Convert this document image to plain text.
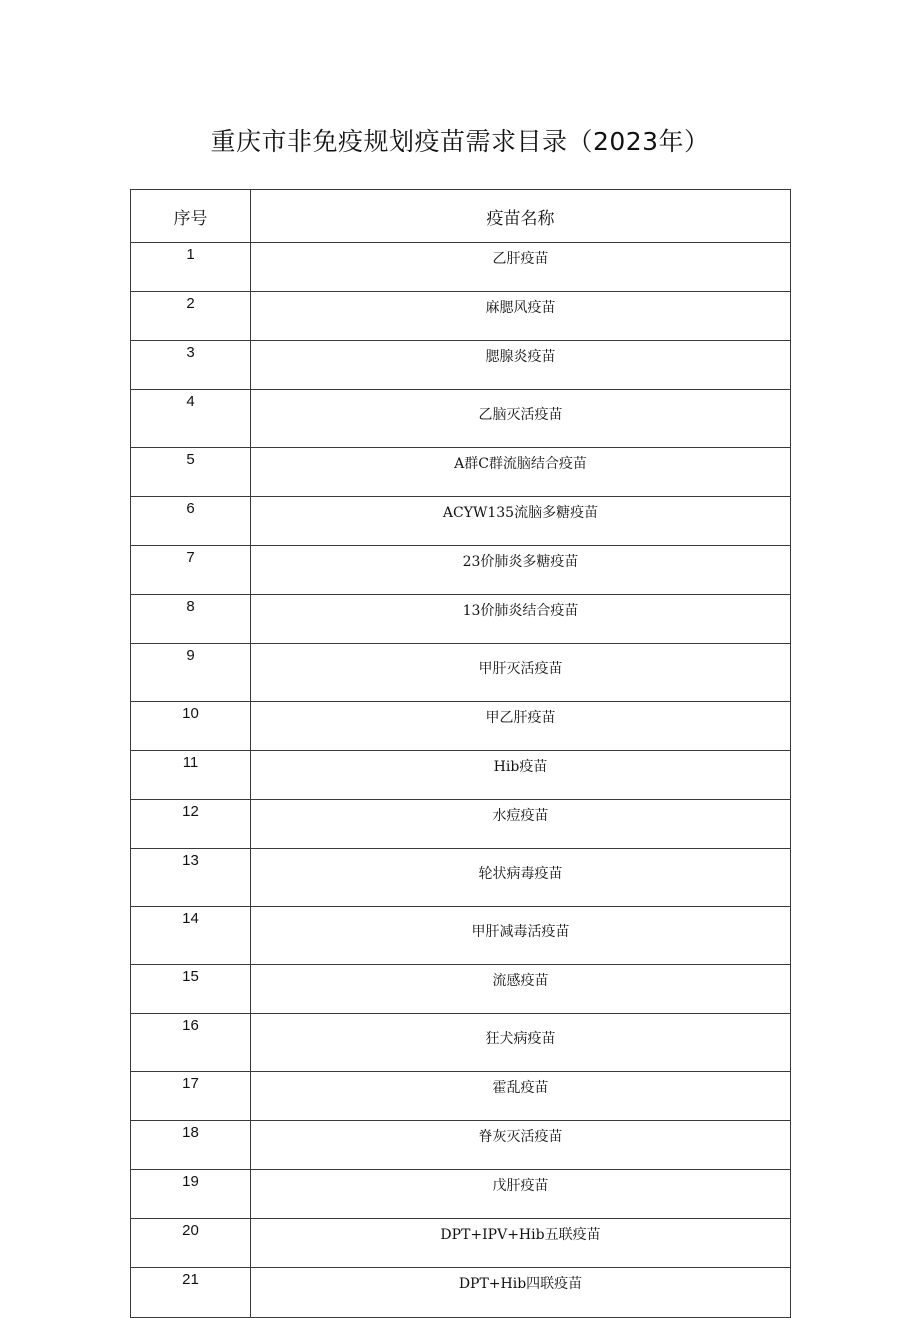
重庆市非免疫规划疫苗需求目录（2023年）
序号	疫苗名称
1	乙肝疫苗
2	麻腮风疫苗
3	腮腺炎疫苗
4	乙脑灭活疫苗
5	A群C群流脑结合疫苗
6	ACYW135流脑多糖疫苗
7	23价肺炎多糖疫苗
8	13价肺炎结合疫苗
9	甲肝灭活疫苗
10	甲乙肝疫苗
11	Hib疫苗
12	水痘疫苗
13	轮状病毒疫苗
14	甲肝减毒活疫苗
15	流感疫苗
16	狂犬病疫苗
17	霍乱疫苗
18	脊灰灭活疫苗
19	戊肝疫苗
20	DPT+IPV+Hib五联疫苗
21	DPT+Hib四联疫苗
